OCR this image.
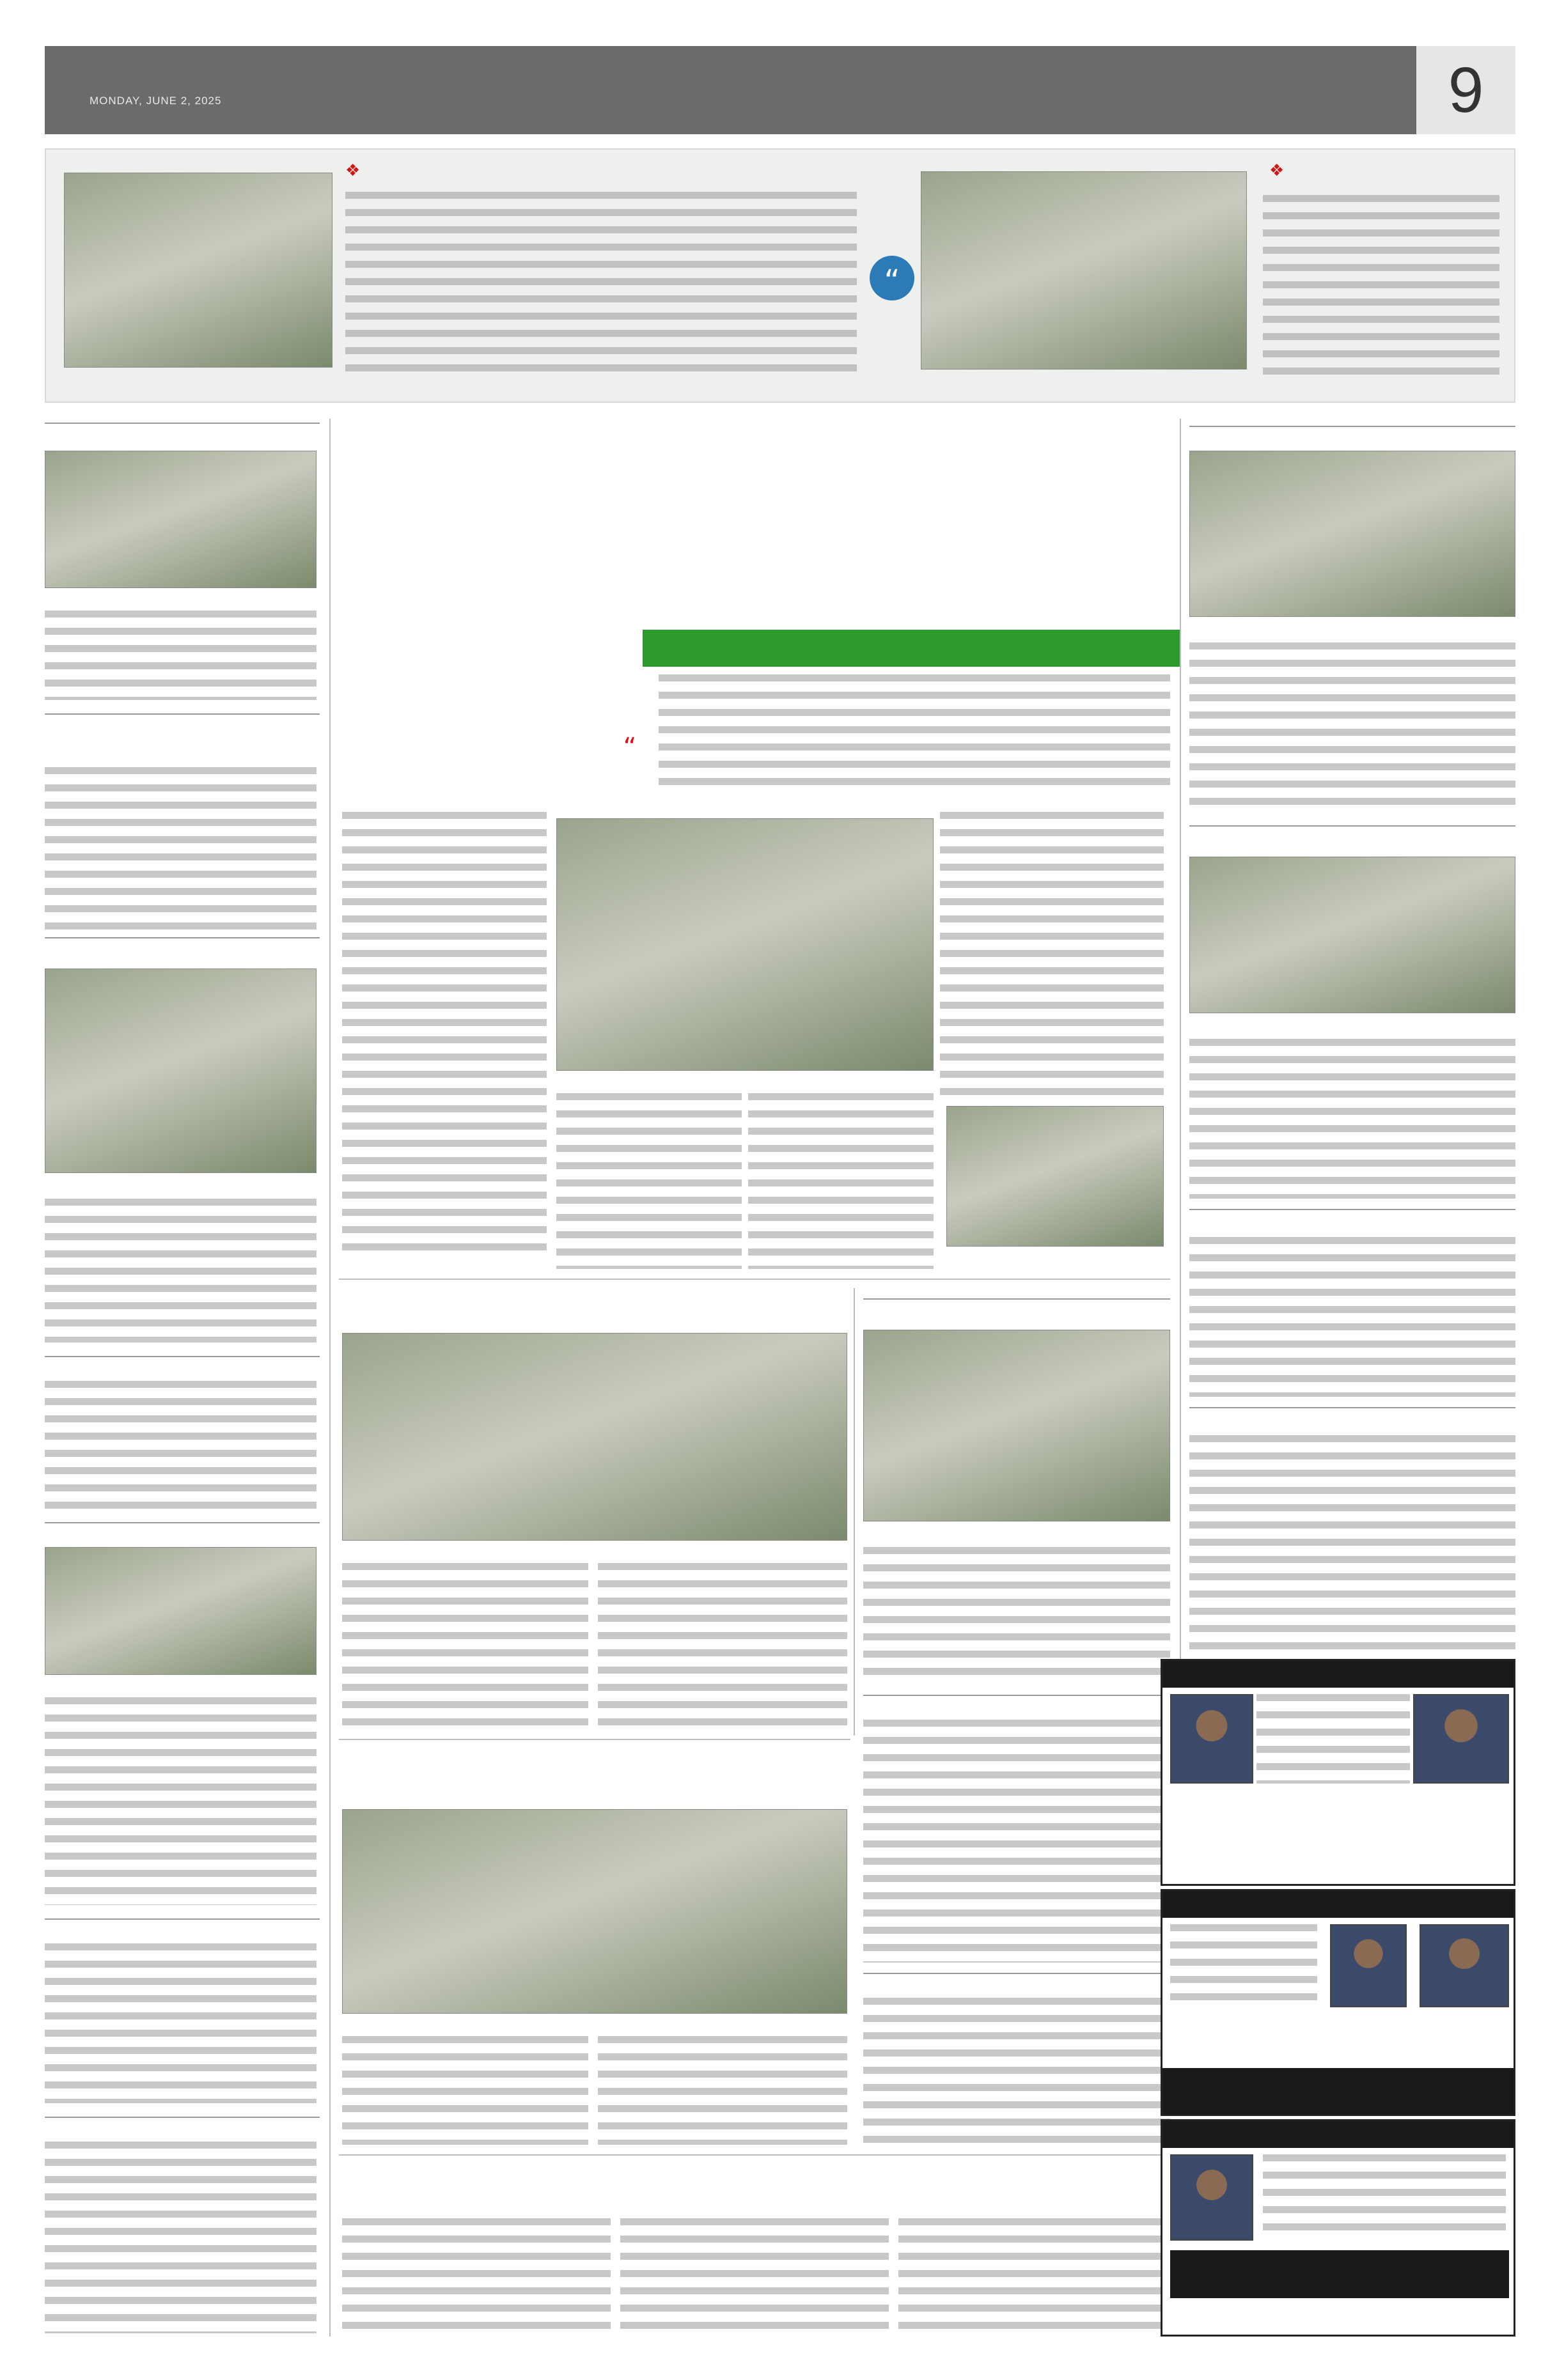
MONDAY, JUNE 2, 2025	9
❖
“
❖
“
